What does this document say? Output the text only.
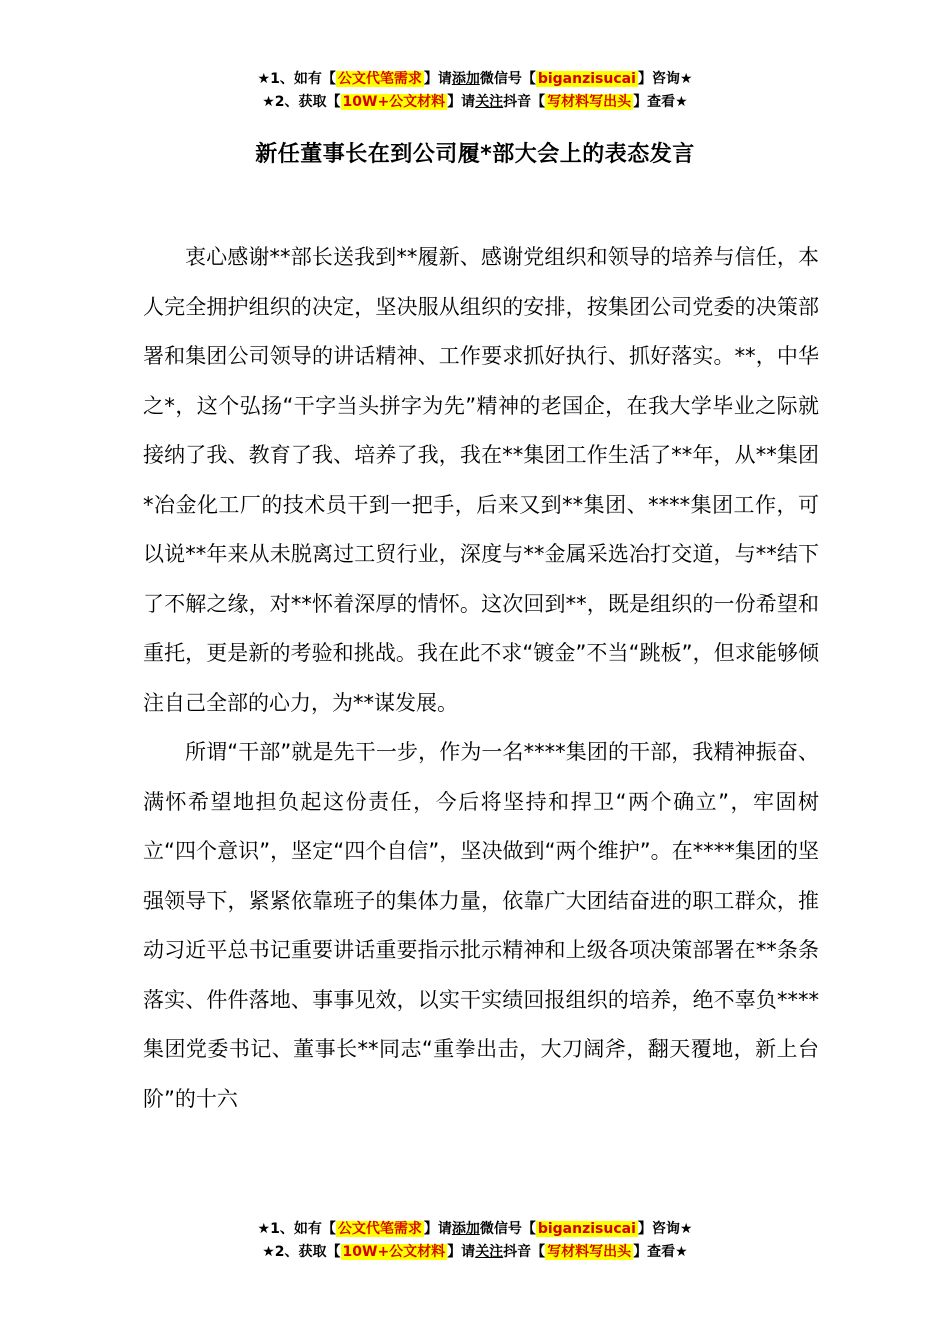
★1、如有【 公文代笔需求 】请添加微信号【 biganzisucai 】咨询★
★2、获取【 10W+公文材料 】请关注抖音【 写材料写出头 】查看★
新任董事长在到公司履*部大会上的表态发言

衷心感谢**部长送我到**履新、感谢党组织和领导的培养与信任，本人完全拥护组织的决定，坚决服从组织的安排，按集团公司党委的决策部署和集团公司领导的讲话精神、工作要求抓好执行、抓好落实。**，中华之*，这个弘扬“干字当头拼字为先”精神的老国企，在我大学毕业之际就接纳了我、教育了我、培养了我，我在**集团工作生活了**年，从**集团*冶金化工厂的技术员干到一把手，后来又到**集团、****集团工作，可以说**年来从未脱离过工贸行业，深度与**金属采选冶打交道，与**结下了不解之缘，对**怀着深厚的情怀。这次回到**，既是组织的一份希望和重托，更是新的考验和挑战。我在此不求“镀金”不当“跳板”，但求能够倾注自己全部的心力，为**谋发展。

所谓“干部”就是先干一步，作为一名****集团的干部，我精神振奋、满怀希望地担负起这份责任，今后将坚持和捍卫“两个确立”，牢固树立“四个意识”，坚定“四个自信”，坚决做到“两个维护”。在****集团的坚强领导下，紧紧依靠班子的集体力量，依靠广大团结奋进的职工群众，推动习近平总书记重要讲话重要指示批示精神和上级各项决策部署在**条条落实、件件落地、事事见效，以实干实绩回报组织的培养，绝不辜负****集团党委书记、董事长**同志“重拳出击，大刀阔斧，翻天覆地，新上台阶”的十六

★1、如有【 公文代笔需求 】请添加微信号【 biganzisucai 】咨询★
★2、获取【 10W+公文材料 】请关注抖音【 写材料写出头 】查看★
